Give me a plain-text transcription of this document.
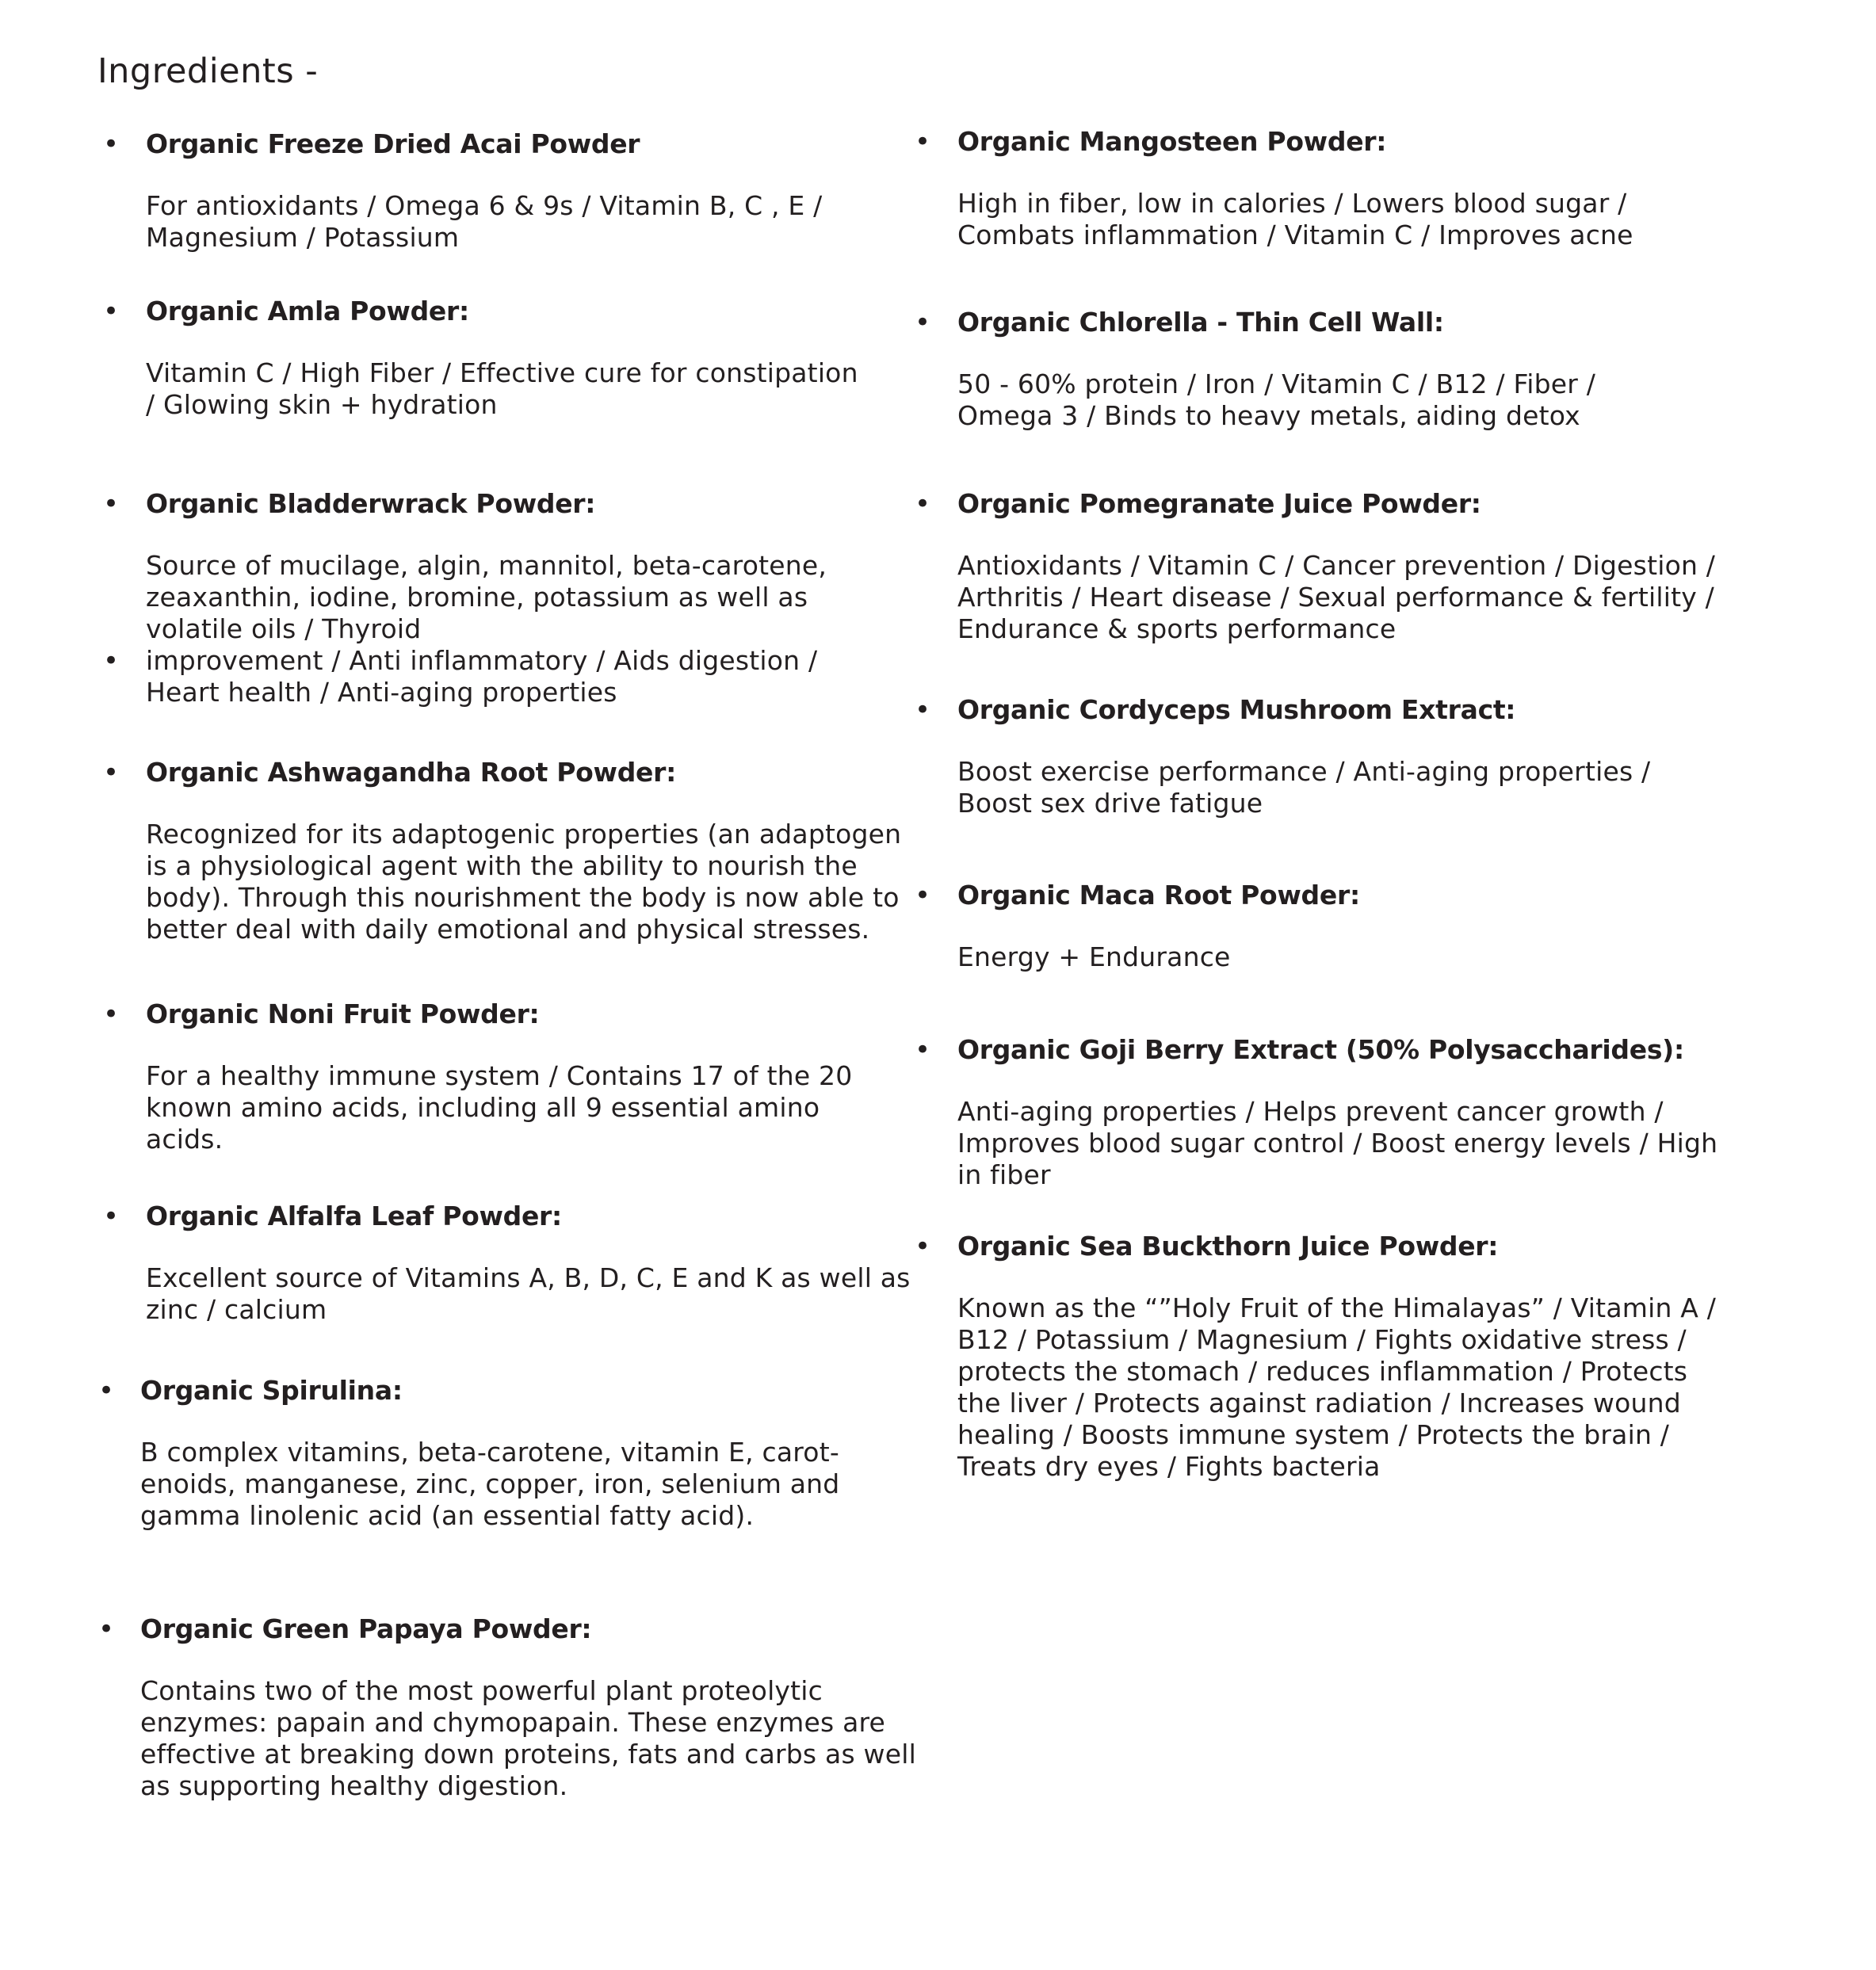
Ingredients -
• Organic Freeze Dried Acai Powder

For antioxidants / Omega 6 & 9s / Vitamin B, C , E /
Magnesium / Potassium

• Organic Amla Powder:

Vitamin C / High Fiber / Effective cure for constipation
/ Glowing skin + hydration

• Organic Bladderwrack Powder:

Source of mucilage, algin, mannitol, beta-carotene,
zeaxanthin, iodine, bromine, potassium as well as
volatile oils / Thyroid
improvement / Anti inflammatory / Aids digestion /
Heart health / Anti-aging properties

•
• Organic Ashwagandha Root Powder:

Recognized for its adaptogenic properties (an adaptogen
is a physiological agent with the ability to nourish the
body). Through this nourishment the body is now able to
better deal with daily emotional and physical stresses.

• Organic Noni Fruit Powder:

For a healthy immune system / Contains 17 of the 20
known amino acids, including all 9 essential amino
acids.

• Organic Alfalfa Leaf Powder:

Excellent source of Vitamins A, B, D, C, E and K as well as
zinc / calcium

• Organic Spirulina:

B complex vitamins, beta-carotene, vitamin E, carot-
enoids, manganese, zinc, copper, iron, selenium and
gamma linolenic acid (an essential fatty acid).

• Organic Green Papaya Powder:

Contains two of the most powerful plant proteolytic
enzymes: papain and chymopapain. These enzymes are
effective at breaking down proteins, fats and carbs as well
as supporting healthy digestion.

• Organic Mangosteen Powder:

High in fiber, low in calories / Lowers blood sugar /
Combats inflammation / Vitamin C / Improves acne

• Organic Chlorella - Thin Cell Wall:

50 - 60% protein / Iron / Vitamin C / B12 / Fiber /
Omega 3 / Binds to heavy metals, aiding detox

• Organic Pomegranate Juice Powder:

Antioxidants / Vitamin C / Cancer prevention / Digestion /
Arthritis / Heart disease / Sexual performance & fertility /
Endurance & sports performance

• Organic Cordyceps Mushroom Extract:

Boost exercise performance / Anti-aging properties /
Boost sex drive fatigue

• Organic Maca Root Powder:

Energy + Endurance

• Organic Goji Berry Extract (50% Polysaccharides):

Anti-aging properties / Helps prevent cancer growth /
Improves blood sugar control / Boost energy levels / High
in fiber

• Organic Sea Buckthorn Juice Powder:

Known as the “”Holy Fruit of the Himalayas” / Vitamin A /
B12 / Potassium / Magnesium / Fights oxidative stress /
protects the stomach / reduces inflammation / Protects
the liver / Protects against radiation / Increases wound
healing / Boosts immune system / Protects the brain /
Treats dry eyes / Fights bacteria
